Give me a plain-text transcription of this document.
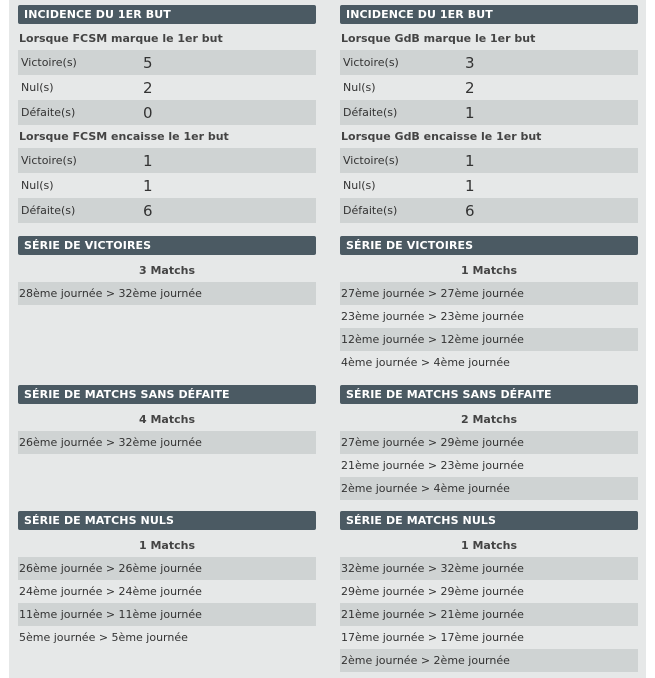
INCIDENCE DU 1ER BUT
Lorsque FCSM marque le 1er but
Victoire(s)	5
Nul(s)	2
Défaite(s)	0
Lorsque FCSM encaisse le 1er but
Victoire(s)	1
Nul(s)	1
Défaite(s)	6
SÉRIE DE VICTOIRES
3 Matchs
28ème journée > 32ème journée
SÉRIE DE MATCHS SANS DÉFAITE
4 Matchs
26ème journée > 32ème journée
SÉRIE DE MATCHS NULS
1 Matchs
26ème journée > 26ème journée
24ème journée > 24ème journée
11ème journée > 11ème journée
5ème journée > 5ème journée
INCIDENCE DU 1ER BUT
Lorsque GdB marque le 1er but
Victoire(s)	3
Nul(s)	2
Défaite(s)	1
Lorsque GdB encaisse le 1er but
Victoire(s)	1
Nul(s)	1
Défaite(s)	6
SÉRIE DE VICTOIRES
1 Matchs
27ème journée > 27ème journée
23ème journée > 23ème journée
12ème journée > 12ème journée
4ème journée > 4ème journée
SÉRIE DE MATCHS SANS DÉFAITE
2 Matchs
27ème journée > 29ème journée
21ème journée > 23ème journée
2ème journée > 4ème journée
SÉRIE DE MATCHS NULS
1 Matchs
32ème journée > 32ème journée
29ème journée > 29ème journée
21ème journée > 21ème journée
17ème journée > 17ème journée
2ème journée > 2ème journée
